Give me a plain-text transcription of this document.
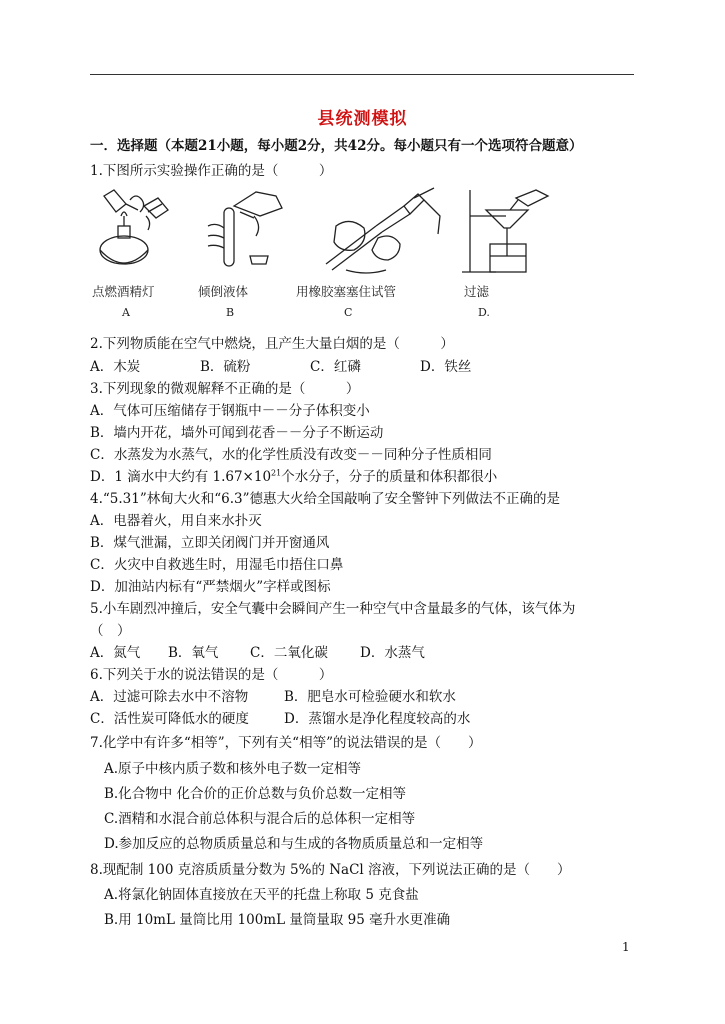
县统测模拟
一．选择题（本题21小题，每小题2分，共42分。每小题只有一个选项符合题意）
1.下图所示实验操作正确的是（　　　）
点燃酒精灯
A
倾倒液体
B
用橡胶塞塞住试管
C
过滤
D.
2.下列物质能在空气中燃烧，且产生大量白烟的是（　　　）
A．木炭	B．硫粉	C．红磷	D．铁丝
3.下列现象的微观解释不正确的是（　　　）
A．气体可压缩储存于钢瓶中－－分子体积变小
B．墙内开花，墙外可闻到花香－－分子不断运动
C．水蒸发为水蒸气，水的化学性质没有改变－－同种分子性质相同
D．1 滴水中大约有 $1.67\times 10^{21}$个水分子，分子的质量和体积都很小
4.“5.31”林甸大火和“6.3”德惠大火给全国敲响了安全警钟下列做法不正确的是
A．电器着火，用自来水扑灭
B．煤气泄漏，立即关闭阀门并开窗通风
C．火灾中自救逃生时，用湿毛巾捂住口鼻
D．加油站内标有“严禁烟火”字样或图标
5.小车剧烈冲撞后，安全气囊中会瞬间产生一种空气中含量最多的气体，该气体为
（　）
A．氮气 B．氧气 C．二氧化碳 D．水蒸气
6.下列关于水的说法错误的是（　　　）
A．过滤可除去水中不溶物	B．肥皂水可检验硬水和软水
C．活性炭可降低水的硬度	D．蒸馏水是净化程度较高的水
7.化学中有许多“相等”，下列有关“相等”的说法错误的是（　　）
A.原子中核内质子数和核外电子数一定相等
B.化合物中 化合价的正价总数与负价总数一定相等
C.酒精和水混合前总体积与混合后的总体积一定相等
D.参加反应的总物质质量总和与生成的各物质质量总和一定相等
8.现配制 100 克溶质质量分数为 5%的 NaCl 溶液，下列说法正确的是（　　）
A.将氯化钠固体直接放在天平的托盘上称取 5 克食盐
B.用 10mL 量筒比用 100mL 量筒量取 95 毫升水更准确
1
